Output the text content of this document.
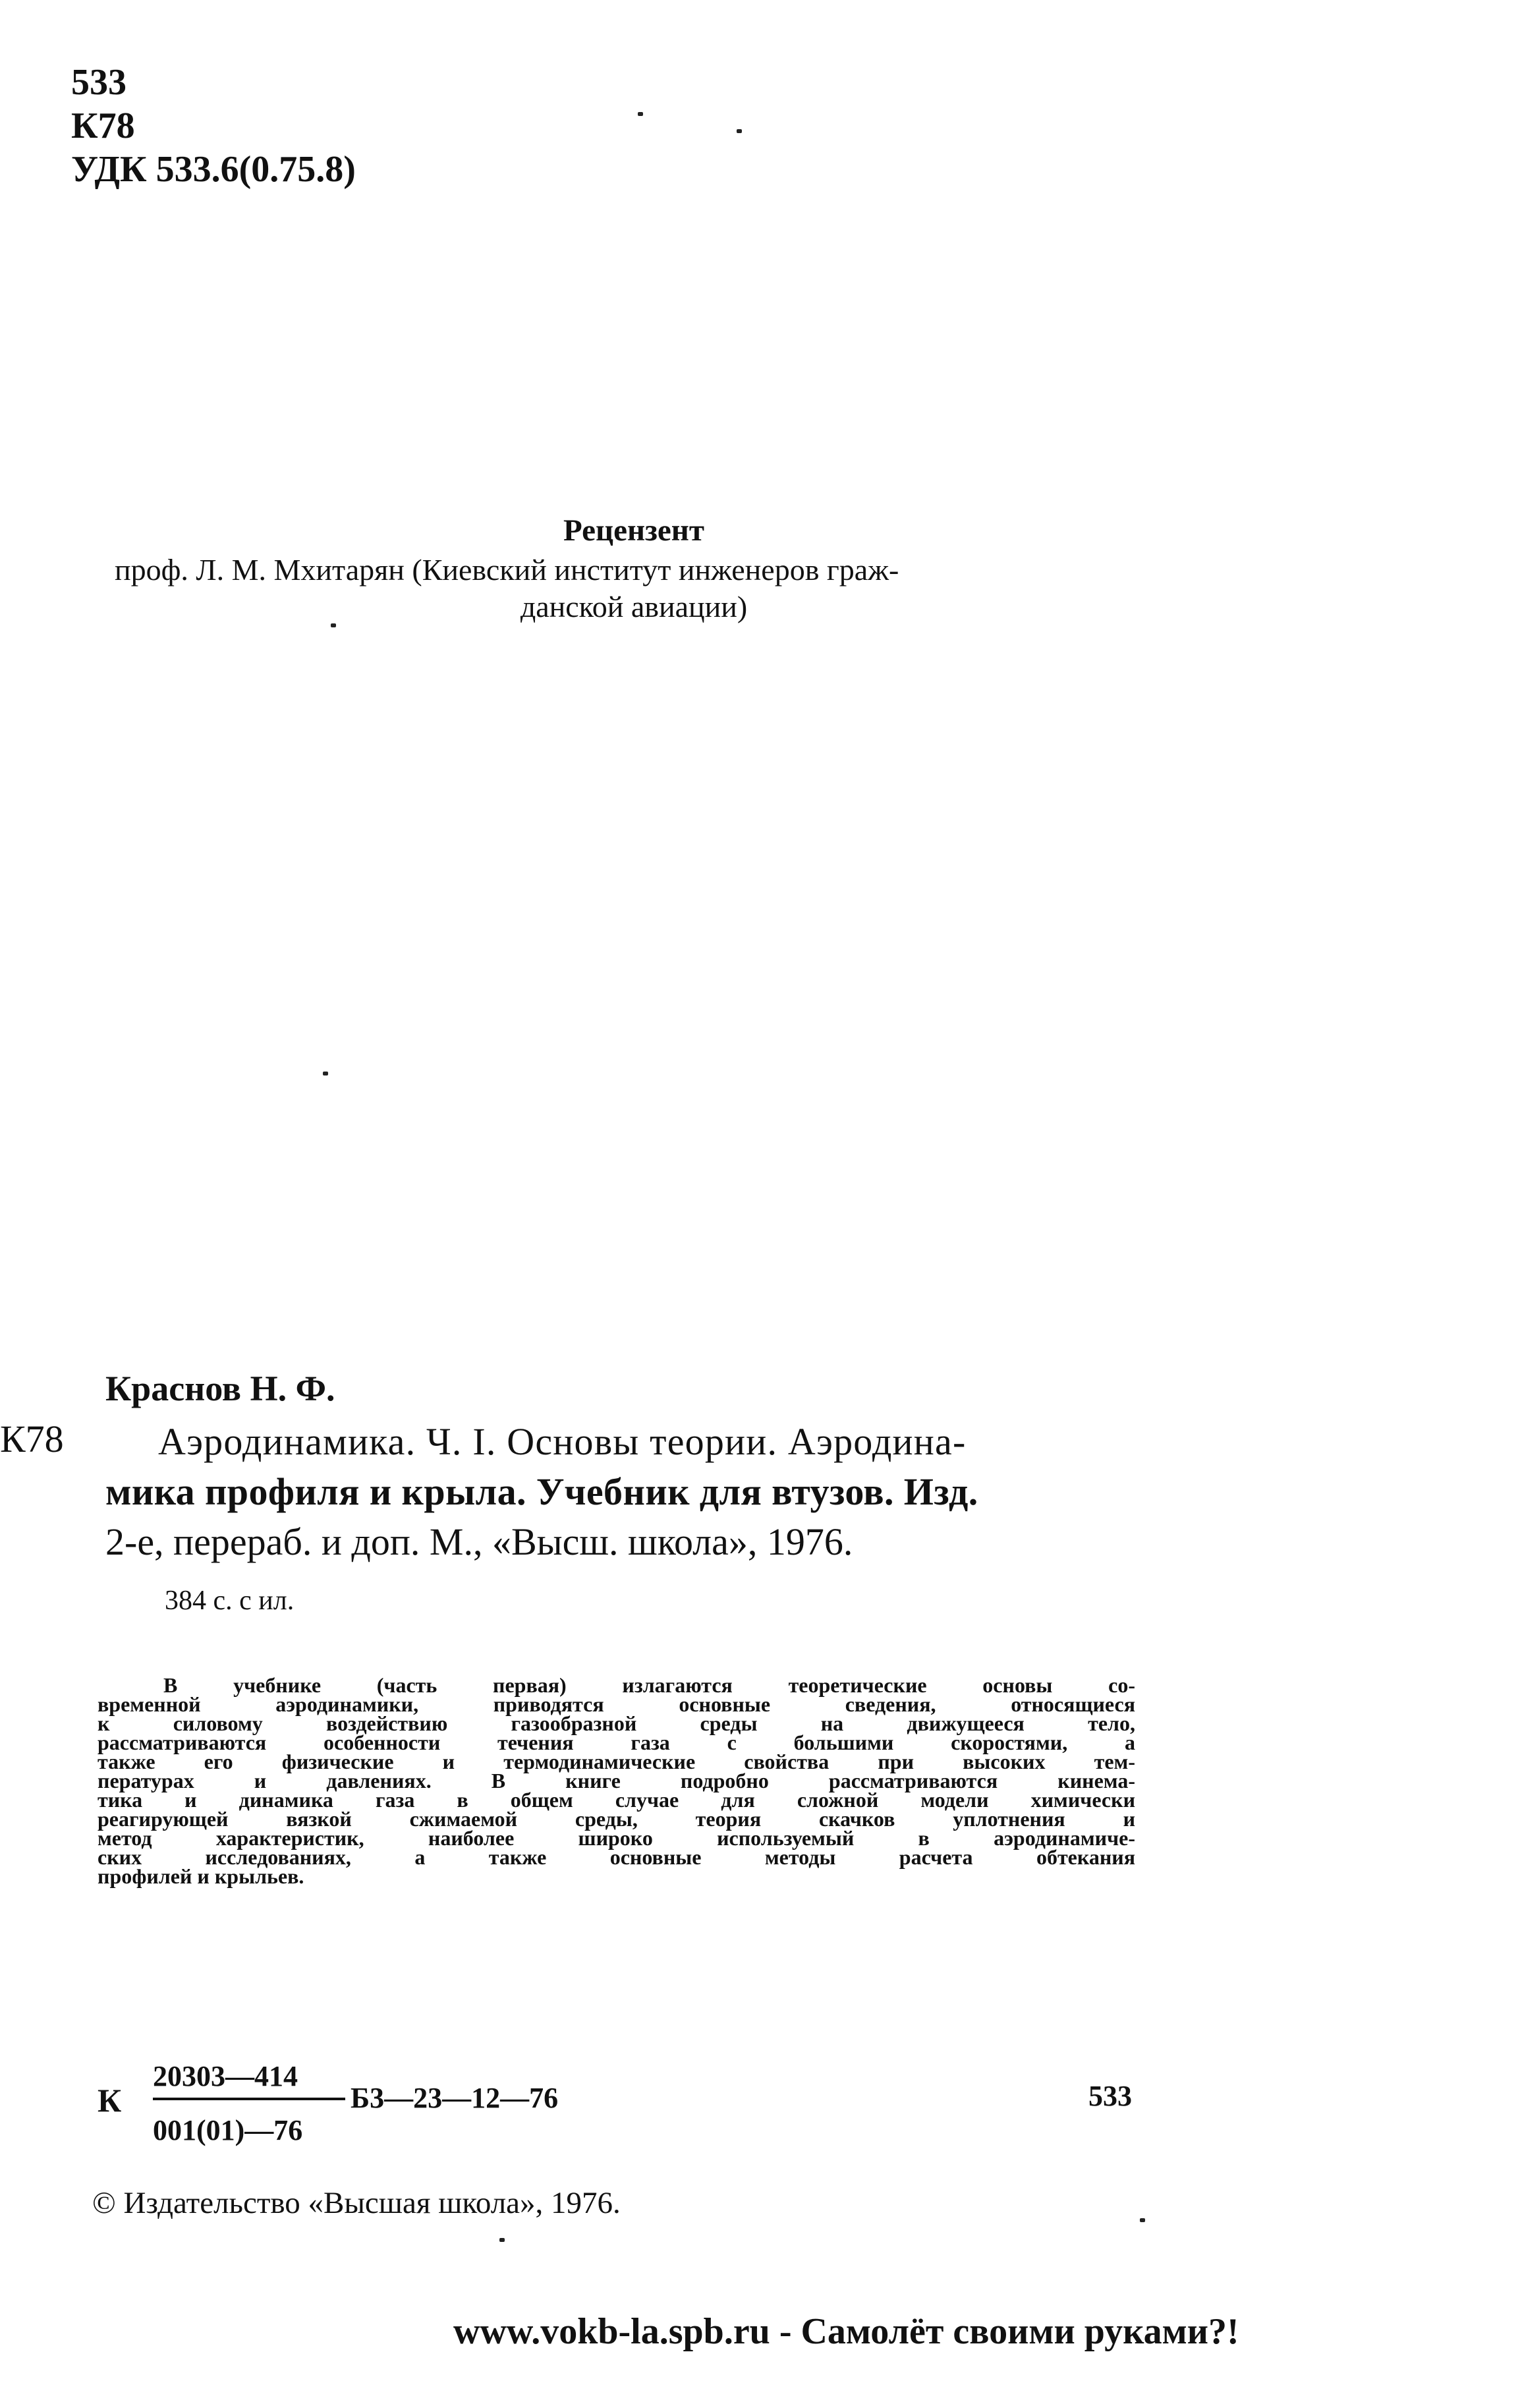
533
К78
УДК 533.6(0.75.8)
Рецензент
проф. Л. М. Мхитарян (Киевский институт инженеров граж-
данской авиации)
Краснов Н. Ф.
К78	Аэродинамика. Ч. I. Основы теории. Аэродина-
мика профиля и крыла. Учебник для втузов. Изд.
2-е, перераб. и доп. М., «Высш. школа», 1976.
384 с. с ил.
В учебнике (часть первая) излагаются теоретические основы со-
временной аэродинамики, приводятся основные сведения, относящиеся
к силовому воздействию газообразной среды на движущееся тело,
рассматриваются особенности течения газа с большими скоростями, а
также его физические и термодинамические свойства при высоких тем-
пературах и давлениях. В книге подробно рассматриваются кинема-
тика и динамика газа в общем случае для сложной модели химически
реагирующей вязкой сжимаемой среды, теория скачков уплотнения и
метод характеристик, наиболее широко используемый в аэродинамиче-
ских исследованиях, а также основные методы расчета обтекания
профилей и крыльев.
К
20303—414
001(01)—76
Б3—23—12—76	533
© Издательство «Высшая школа», 1976.
www.vokb-la.spb.ru - Самолёт своими руками?!
